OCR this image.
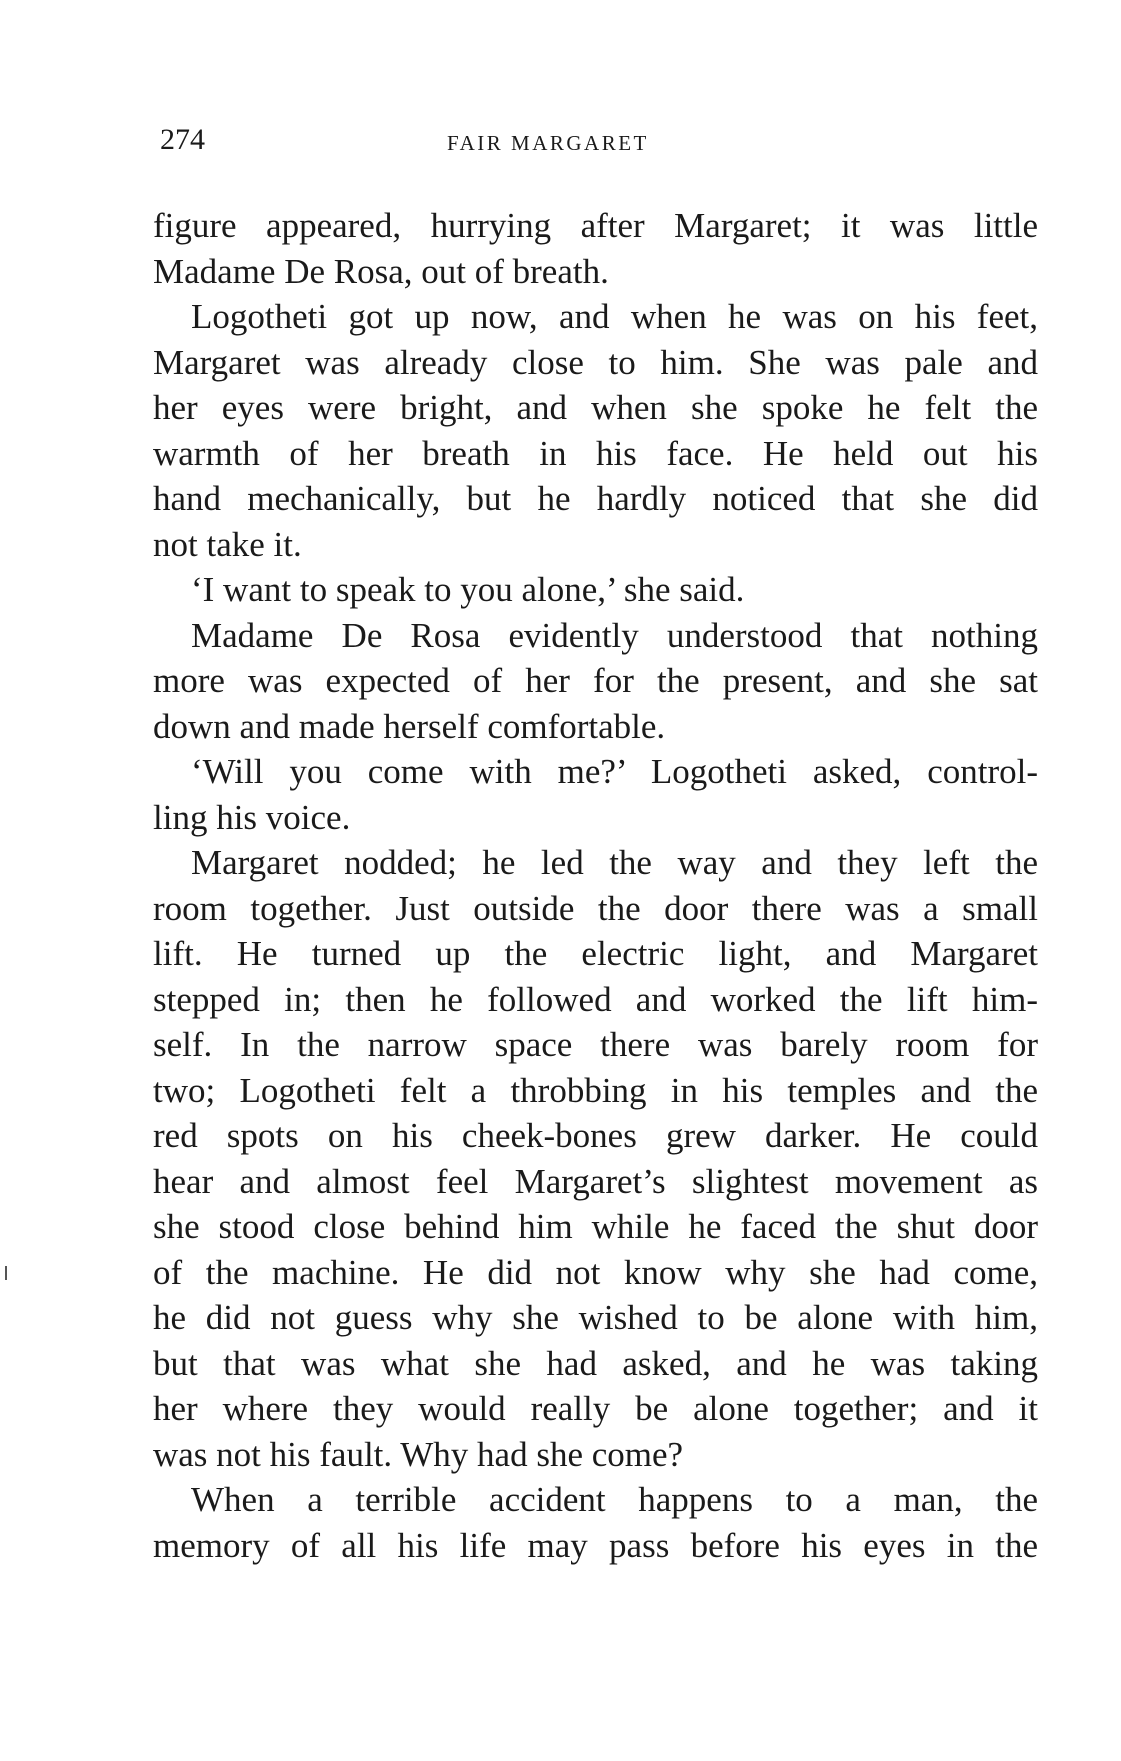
274	FAIR MARGARET
figure appeared, hurrying after Margaret; it was little
Madame De Rosa, out of breath.
Logotheti got up now, and when he was on his feet,
Margaret was already close to him. She was pale and
her eyes were bright, and when she spoke he felt the
warmth of her breath in his face. He held out his
hand mechanically, but he hardly noticed that she did
not take it.
‘I want to speak to you alone,’ she said.
Madame De Rosa evidently understood that nothing
more was expected of her for the present, and she sat
down and made herself comfortable.
‘Will you come with me?’ Logotheti asked, control-
ling his voice.
Margaret nodded; he led the way and they left the
room together. Just outside the door there was a small
lift. He turned up the electric light, and Margaret
stepped in; then he followed and worked the lift him-
self. In the narrow space there was barely room for
two; Logotheti felt a throbbing in his temples and the
red spots on his cheek-bones grew darker. He could
hear and almost feel Margaret’s slightest movement as
she stood close behind him while he faced the shut door
of the machine. He did not know why she had come,
he did not guess why she wished to be alone with him,
but that was what she had asked, and he was taking
her where they would really be alone together; and it
was not his fault. Why had she come?
When a terrible accident happens to a man, the
memory of all his life may pass before his eyes in the
